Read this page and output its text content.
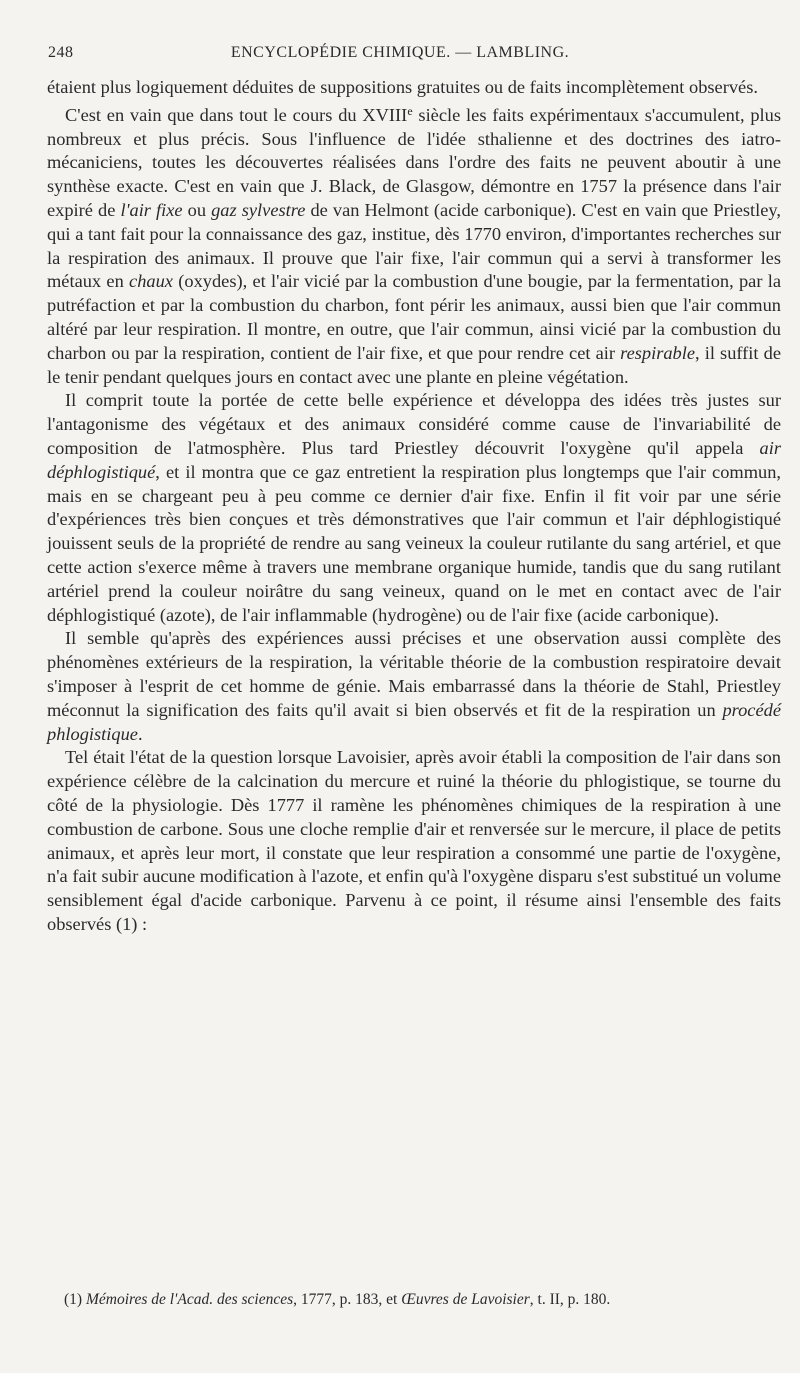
248	ENCYCLOPÉDIE CHIMIQUE. — LAMBLING.

étaient plus logiquement déduites de suppositions gratuites ou de faits incomplètement observés.

C'est en vain que dans tout le cours du XVIIIe siècle les faits expérimentaux s'accumulent, plus nombreux et plus précis. Sous l'influence de l'idée sthalienne et des doctrines des iatro-mécaniciens, toutes les découvertes réalisées dans l'ordre des faits ne peuvent aboutir à une synthèse exacte. C'est en vain que J. Black, de Glasgow, démontre en 1757 la présence dans l'air expiré de l'air fixe ou gaz sylvestre de van Helmont (acide carbonique). C'est en vain que Priestley, qui a tant fait pour la connaissance des gaz, institue, dès 1770 environ, d'importantes recherches sur la respiration des animaux. Il prouve que l'air fixe, l'air commun qui a servi à transformer les métaux en chaux (oxydes), et l'air vicié par la combustion d'une bougie, par la fermentation, par la putréfaction et par la combustion du charbon, font périr les animaux, aussi bien que l'air commun altéré par leur respiration. Il montre, en outre, que l'air commun, ainsi vicié par la combustion du charbon ou par la respiration, contient de l'air fixe, et que pour rendre cet air respirable, il suffit de le tenir pendant quelques jours en contact avec une plante en pleine végétation.

Il comprit toute la portée de cette belle expérience et développa des idées très justes sur l'antagonisme des végétaux et des animaux considéré comme cause de l'invariabilité de composition de l'atmosphère. Plus tard Priestley découvrit l'oxygène qu'il appela air déphlogistiqué, et il montra que ce gaz entretient la respiration plus longtemps que l'air commun, mais en se chargeant peu à peu comme ce dernier d'air fixe. Enfin il fit voir par une série d'expériences très bien conçues et très démonstratives que l'air commun et l'air déphlogistiqué jouissent seuls de la propriété de rendre au sang veineux la couleur rutilante du sang artériel, et que cette action s'exerce même à travers une membrane organique humide, tandis que du sang rutilant artériel prend la couleur noirâtre du sang veineux, quand on le met en contact avec de l'air déphlogistiqué (azote), de l'air inflammable (hydrogène) ou de l'air fixe (acide carbonique).

Il semble qu'après des expériences aussi précises et une observation aussi complète des phénomènes extérieurs de la respiration, la véritable théorie de la combustion respiratoire devait s'imposer à l'esprit de cet homme de génie. Mais embarrassé dans la théorie de Stahl, Priestley méconnut la signification des faits qu'il avait si bien observés et fit de la respiration un procédé phlogistique.

Tel était l'état de la question lorsque Lavoisier, après avoir établi la composition de l'air dans son expérience célèbre de la calcination du mercure et ruiné la théorie du phlogistique, se tourne du côté de la physiologie. Dès 1777 il ramène les phénomènes chimiques de la respiration à une combustion de carbone. Sous une cloche remplie d'air et renversée sur le mercure, il place de petits animaux, et après leur mort, il constate que leur respiration a consommé une partie de l'oxygène, n'a fait subir aucune modification à l'azote, et enfin qu'à l'oxygène disparu s'est substitué un volume sensiblement égal d'acide carbonique. Parvenu à ce point, il résume ainsi l'ensemble des faits observés (1) :

(1) Mémoires de l'Acad. des sciences, 1777, p. 183, et Œuvres de Lavoisier, t. II, p. 180.
